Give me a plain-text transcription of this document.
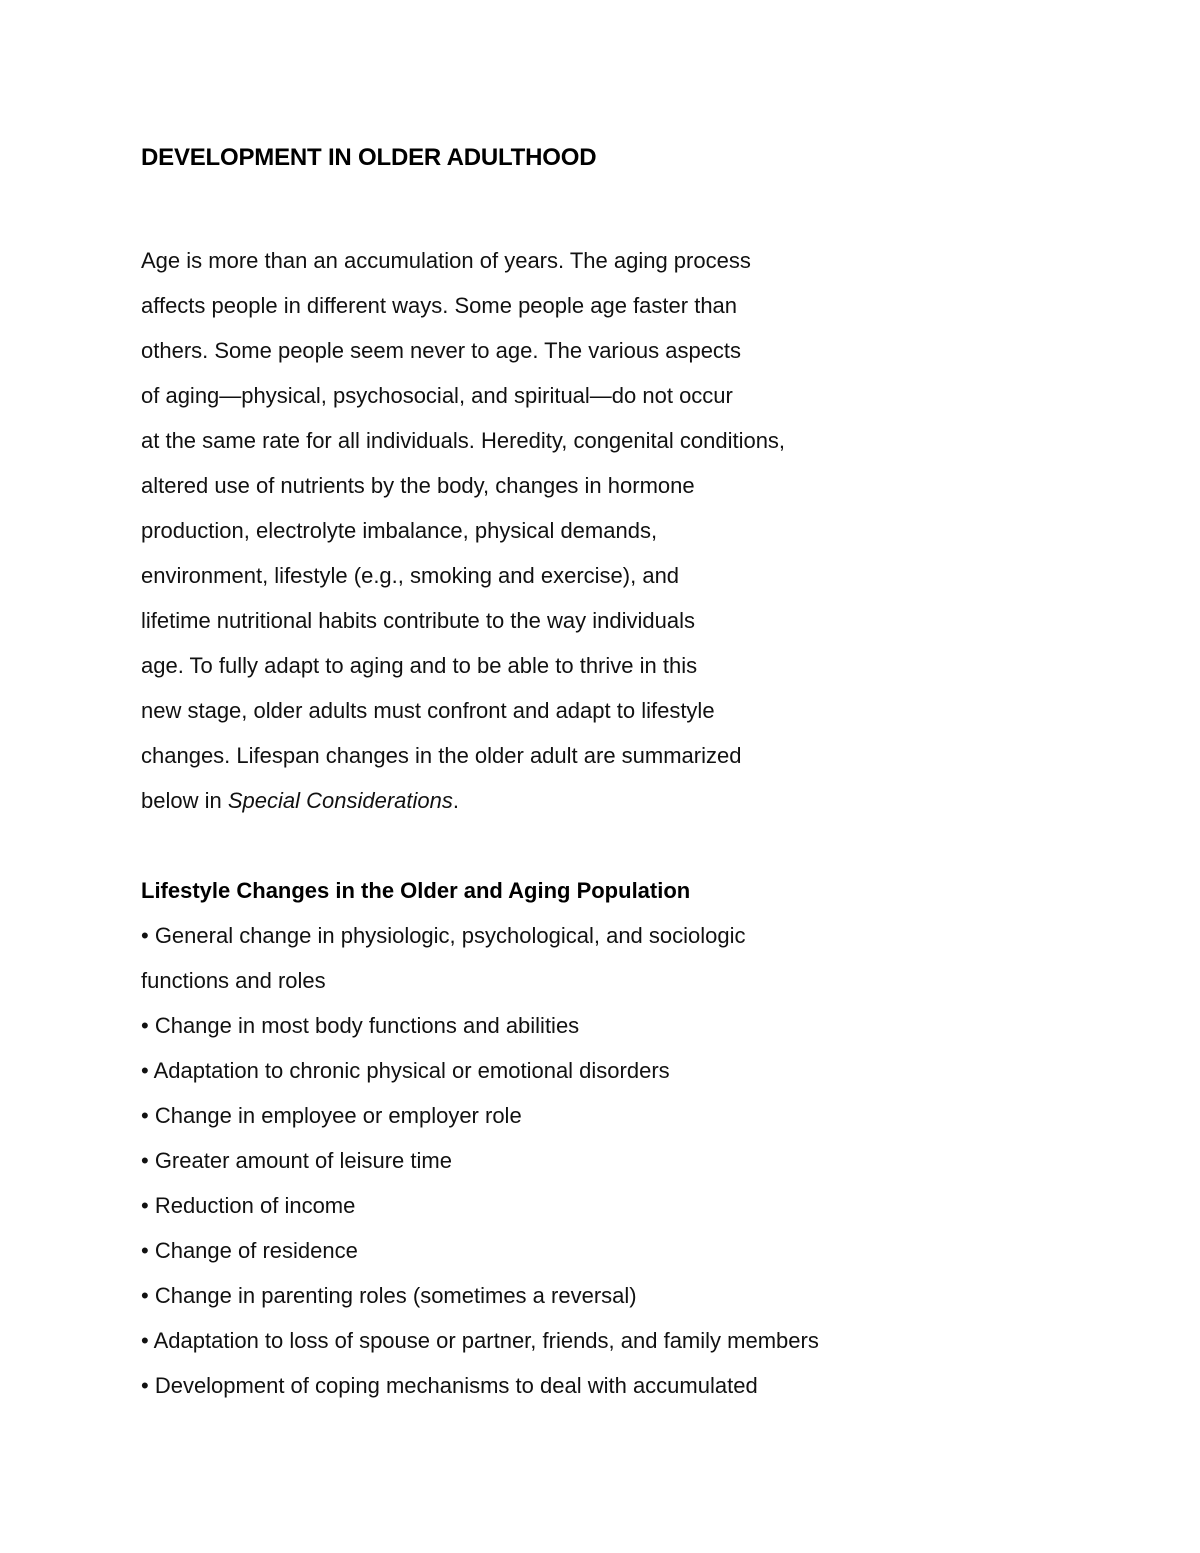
DEVELOPMENT IN OLDER ADULTHOOD
Age is more than an accumulation of years. The aging process
affects people in different ways. Some people age faster than
others. Some people seem never to age. The various aspects
of aging—physical, psychosocial, and spiritual—do not occur
at the same rate for all individuals. Heredity, congenital conditions,
altered use of nutrients by the body, changes in hormone
production, electrolyte imbalance, physical demands,
environment, lifestyle (e.g., smoking and exercise), and
lifetime nutritional habits contribute to the way individuals
age. To fully adapt to aging and to be able to thrive in this
new stage, older adults must confront and adapt to lifestyle
changes. Lifespan changes in the older adult are summarized
below in Special Considerations.
Lifestyle Changes in the Older and Aging Population
• General change in physiologic, psychological, and sociologic
functions and roles
• Change in most body functions and abilities
• Adaptation to chronic physical or emotional disorders
• Change in employee or employer role
• Greater amount of leisure time
• Reduction of income
• Change of residence
• Change in parenting roles (sometimes a reversal)
• Adaptation to loss of spouse or partner, friends, and family members
• Development of coping mechanisms to deal with accumulated
